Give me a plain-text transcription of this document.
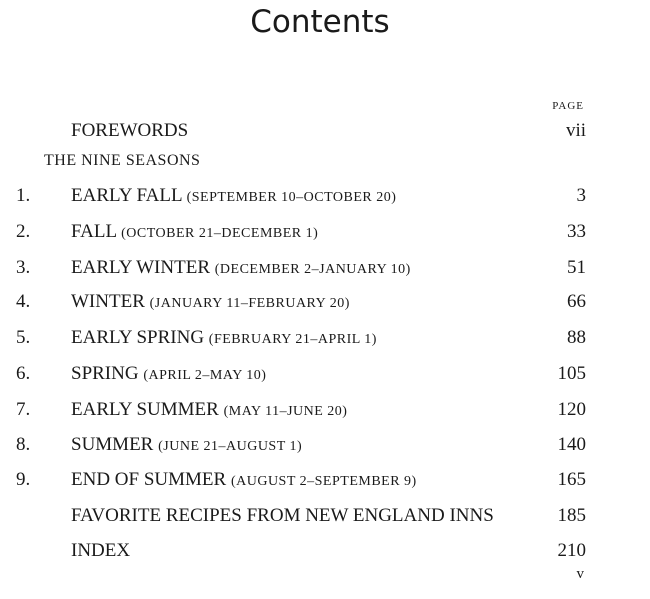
Contents
PAGE
FOREWORDS	vii
THE NINE SEASONS
1.	EARLY FALL (SEPTEMBER 10–OCTOBER 20)	3
2.	FALL (OCTOBER 21–DECEMBER 1)	33
3.	EARLY WINTER (DECEMBER 2–JANUARY 10)	51
4.	WINTER (JANUARY 11–FEBRUARY 20)	66
5.	EARLY SPRING (FEBRUARY 21–APRIL 1)	88
6.	SPRING (APRIL 2–MAY 10)	105
7.	EARLY SUMMER (MAY 11–JUNE 20)	120
8.	SUMMER (JUNE 21–AUGUST 1)	140
9.	END OF SUMMER (AUGUST 2–SEPTEMBER 9)	165
FAVORITE RECIPES FROM NEW ENGLAND INNS	185
INDEX	210
v
